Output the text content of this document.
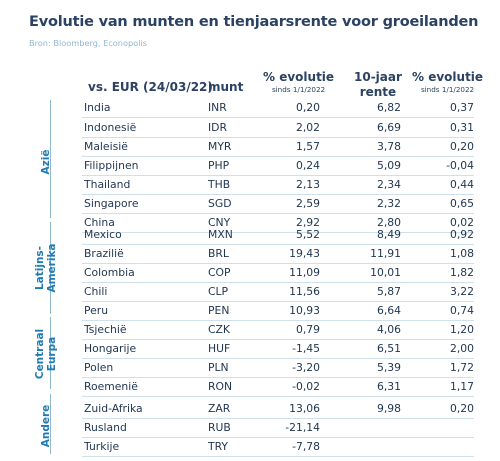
Evolutie van munten en tienjaarsrente voor groeilanden
Bron: Bloomberg, Econopolis
vs. EUR (24/03/22)
munt
% evolutie
sinds 1/1/2022
10-jaar
rente
% evolutie
sinds 1/1/2022
Azië
Latijns- Amerika
Centraal Eurpa
Andere
India	INR	0,20	6,82	0,37
Indonesië	IDR	2,02	6,69	0,31
Maleisië	MYR	1,57	3,78	0,20
Filippijnen	PHP	0,24	5,09	-0,04
Thailand	THB	2,13	2,34	0,44
Singapore	SGD	2,59	2,32	0,65
China	CNY	2,92	2,80	0,02
Mexico	MXN	5,52	8,49	0,92
Brazilië	BRL	19,43	11,91	1,08
Colombia	COP	11,09	10,01	1,82
Chili	CLP	11,56	5,87	3,22
Peru	PEN	10,93	6,64	0,74
Tsjechië	CZK	0,79	4,06	1,20
Hongarije	HUF	-1,45	6,51	2,00
Polen	PLN	-3,20	5,39	1,72
Roemenië	RON	-0,02	6,31	1,17
Zuid-Afrika	ZAR	13,06	9,98	0,20
Rusland	RUB	-21,14
Turkije	TRY	-7,78
